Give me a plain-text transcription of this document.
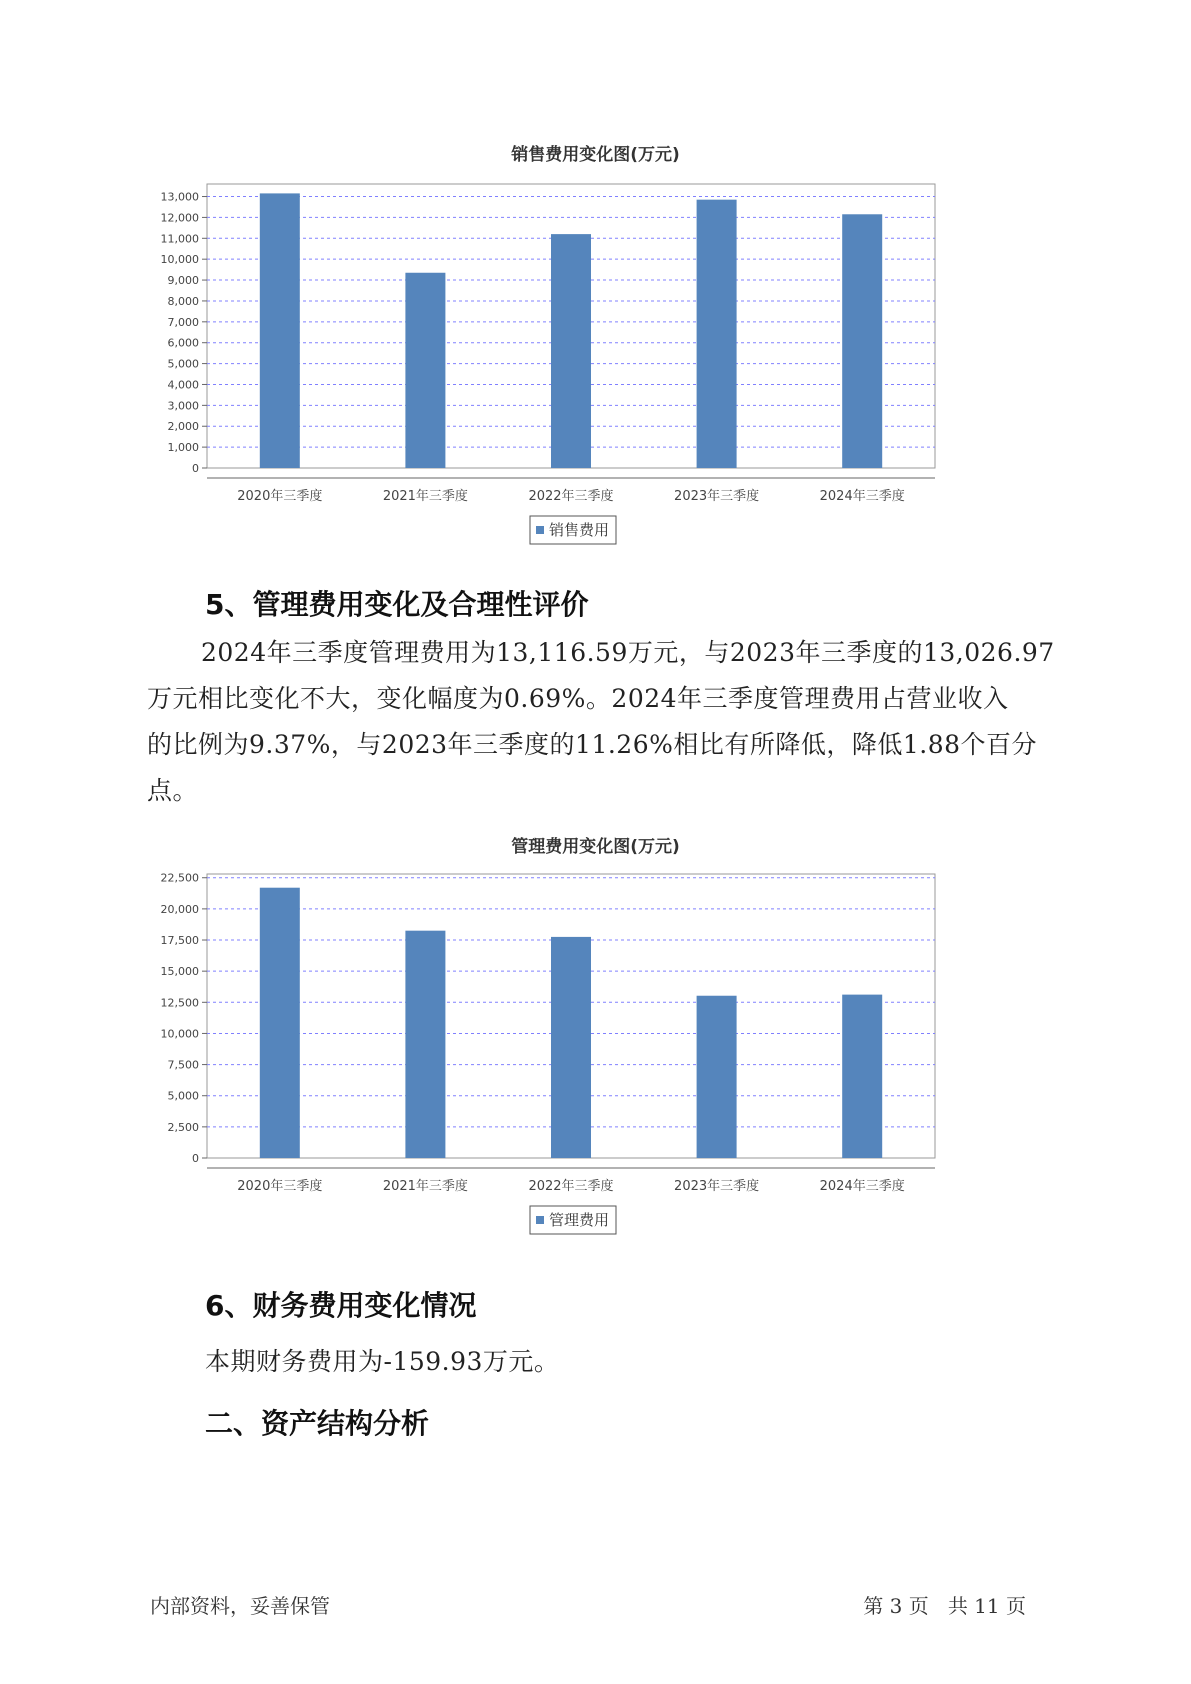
销售费用变化图(万元)
0
1,000
2,000
3,000
4,000
5,000
6,000
7,000
8,000
9,000
10,000
11,000
12,000
13,000
2020年三季度	2021年三季度	2022年三季度	2023年三季度	2024年三季度
销售费用
5、管理费用变化及合理性评价
2024年三季度管理费用为13,116.59万元，与2023年三季度的13,026.97
万元相比变化不大，变化幅度为0.69%。2024年三季度管理费用占营业收入
的比例为9.37%，与2023年三季度的11.26%相比有所降低，降低1.88个百分
点。
管理费用变化图(万元)
0
2,500
5,000
7,500
10,000
12,500
15,000
17,500
20,000
22,500
2020年三季度	2021年三季度	2022年三季度	2023年三季度	2024年三季度
管理费用
6、财务费用变化情况
本期财务费用为-159.93万元。
二、资产结构分析
内部资料，妥善保管	第 3 页   共 11 页
